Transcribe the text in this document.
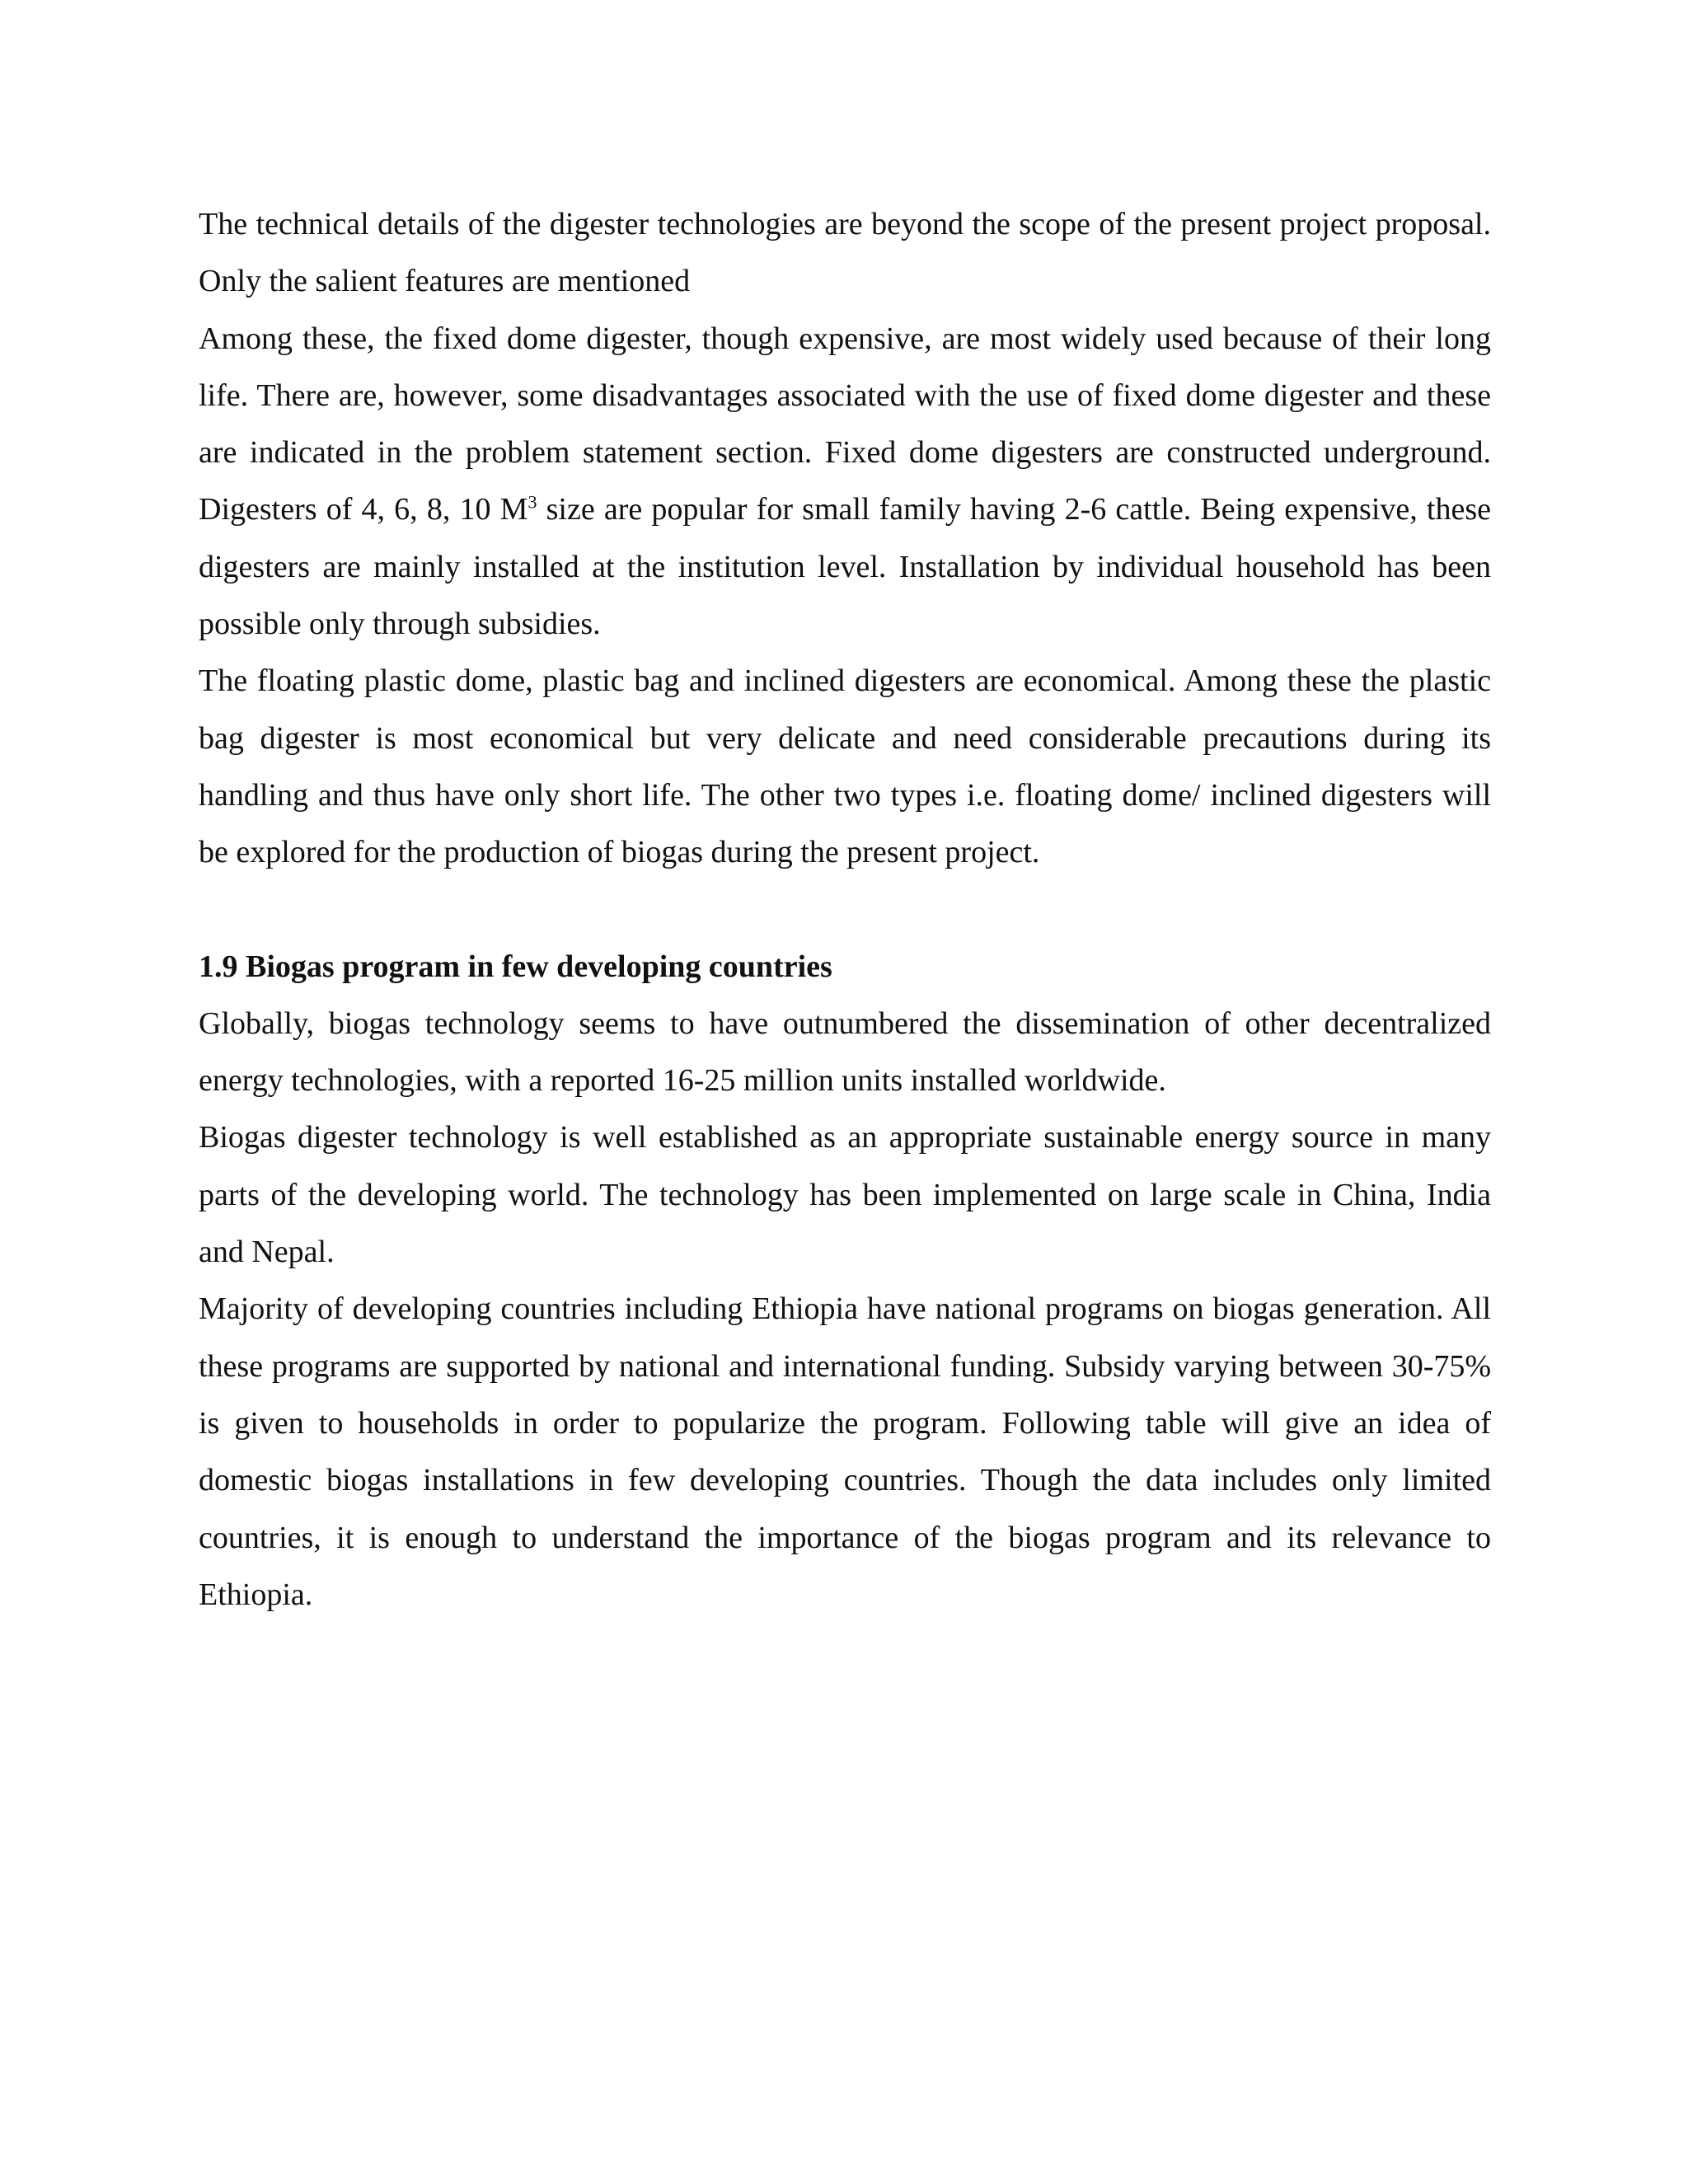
The technical details of the digester technologies are beyond the scope of the present project proposal. Only the salient features are mentioned

Among these, the fixed dome digester, though expensive, are most widely used because of their long life. There are, however, some disadvantages associated with the use of fixed dome digester and these are indicated in the problem statement section. Fixed dome digesters are constructed underground. Digesters of 4, 6, 8, 10 $M^3$ size are popular for small family having 2-6 cattle. Being expensive, these digesters are mainly installed at the institution level. Installation by individual household has been possible only through subsidies.

The floating plastic dome, plastic bag and inclined digesters are economical. Among these the plastic bag digester is most economical but very delicate and need considerable precautions during its handling and thus have only short life. The other two types i.e. floating dome/ inclined digesters will be explored for the production of biogas during the present project.

1.9 Biogas program in few developing countries

Globally, biogas technology seems to have outnumbered the dissemination of other decentralized energy technologies, with a reported 16-25 million units installed worldwide.

Biogas digester technology is well established as an appropriate sustainable energy source in many parts of the developing world. The technology has been implemented on large scale in China, India and Nepal.

Majority of developing countries including Ethiopia have national programs on biogas generation. All these programs are supported by national and international funding. Subsidy varying between 30-75% is given to households in order to popularize the program. Following table will give an idea of domestic biogas installations in few developing countries. Though the data includes only limited countries, it is enough to understand the importance of the biogas program and its relevance to Ethiopia.
